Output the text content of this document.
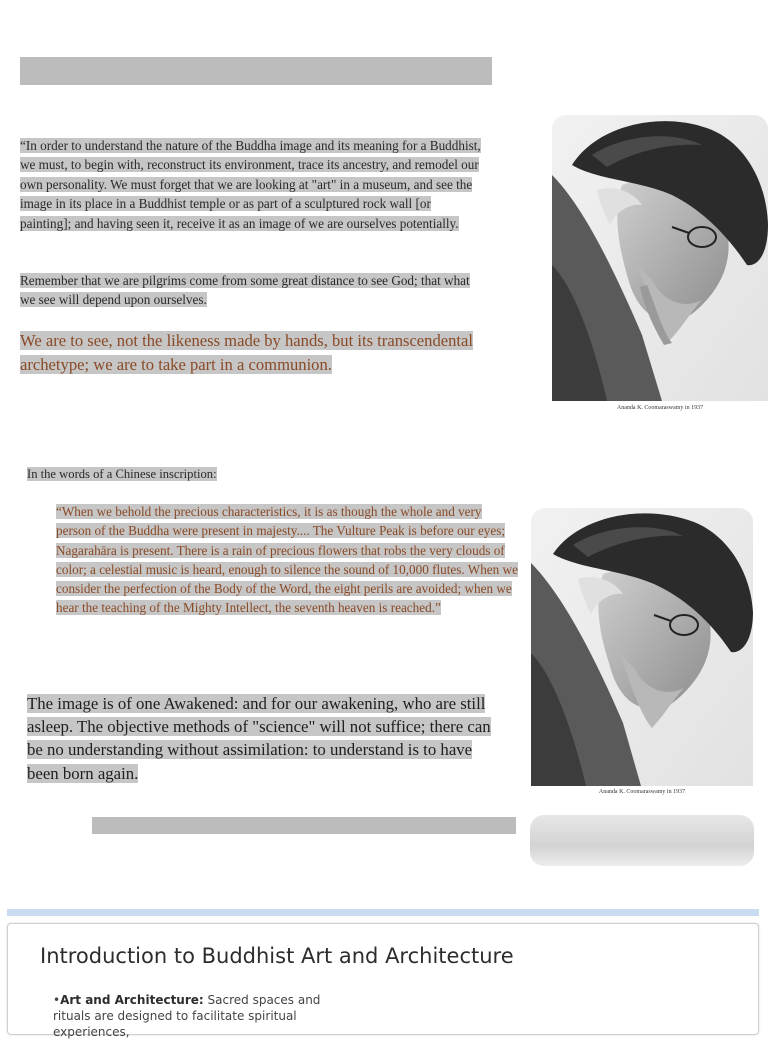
“In order to understand the nature of the Buddha image and its meaning for a Buddhist, we must, to begin with, reconstruct its environment, trace its ancestry, and remodel our own personality. We must forget that we are looking at "art" in a museum, and see the image in its place in a Buddhist temple or as part of a sculptured rock wall [or painting]; and having seen it, receive it as an image of we are ourselves potentially.

Remember that we are pilgrims come from some great distance to see God; that what we see will depend upon ourselves.

We are to see, not the likeness made by hands, but its transcendental archetype; we are to take part in a communion.

Ananda K. Coomaraswamy in 1937

In the words of a Chinese inscription:

“When we behold the precious characteristics, it is as though the whole and very person of the Buddha were present in majesty.... The Vulture Peak is before our eyes; Nagarahāra is present. There is a rain of precious flowers that robs the very clouds of color; a celestial music is heard, enough to silence the sound of 10,000 flutes. When we consider the perfection of the Body of the Word, the eight perils are avoided; when we hear the teaching of the Mighty Intellect, the seventh heaven is reached.”

The image is of one Awakened: and for our awakening, who are still asleep. The objective methods of "science" will not suffice; there can be no understanding without assimilation: to understand is to have been born again.

Ananda K. Coomaraswamy in 1937
Introduction to Buddhist Art and Architecture

•Art and Architecture: Sacred spaces and rituals are designed to facilitate spiritual experiences,
